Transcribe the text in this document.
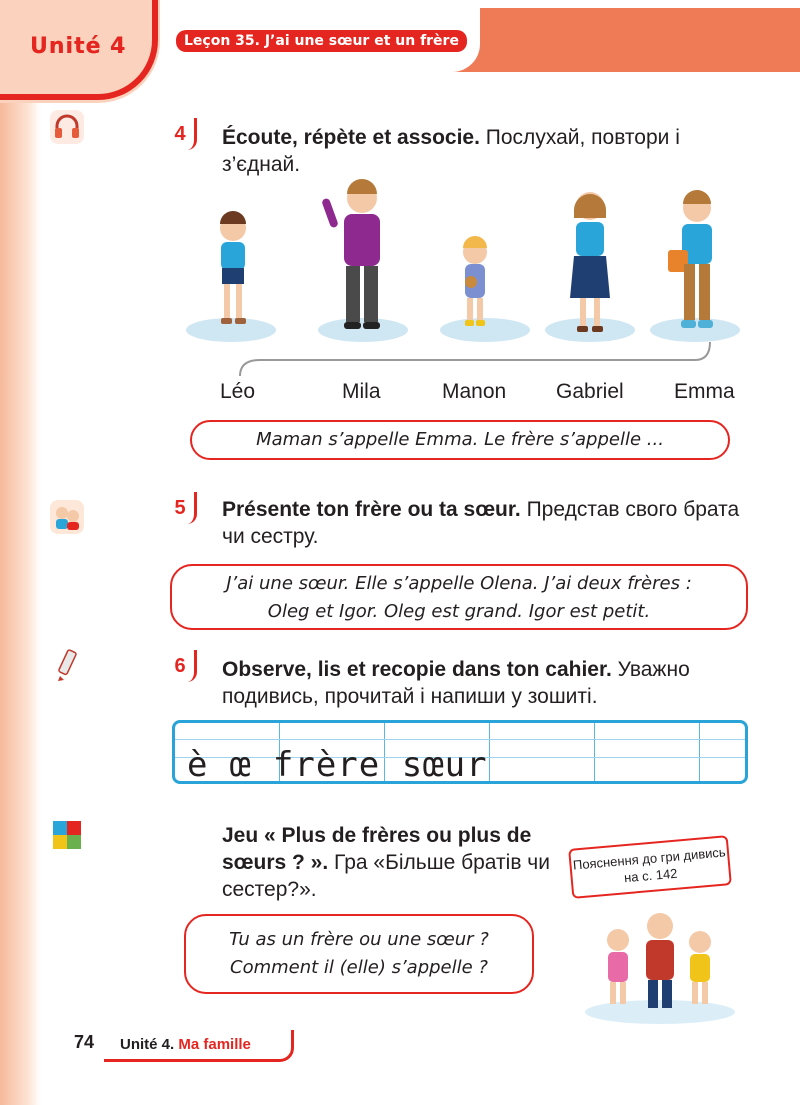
Unité 4	Leçon 35. J’ai une sœur et un frère
4	Écoute, répète et associe. Послухай, повтори і з’єднай.
Léo	Mila	Manon Gabriel Emma
Maman s’appelle Emma. Le frère s’appelle ...
5	Présente ton frère ou ta sœur. Представ свого брата чи сестру.
J’ai une sœur. Elle s’appelle Olena. J’ai deux frères :
Oleg et Igor. Oleg est grand. Igor est petit.
6	Observe, lis et recopie dans ton cahier. Уважно подивись, прочитай і напиши у зошиті.
è œ frère sœur
Jeu « Plus de frères ou plus de sœurs ? ». Гра «Більше братів чи сестер?».
Пояснення до гри дивись на с. 142
Tu as un frère ou une sœur ?
Comment il (elle) s’appelle ?
74 Unité 4. Ma famille
